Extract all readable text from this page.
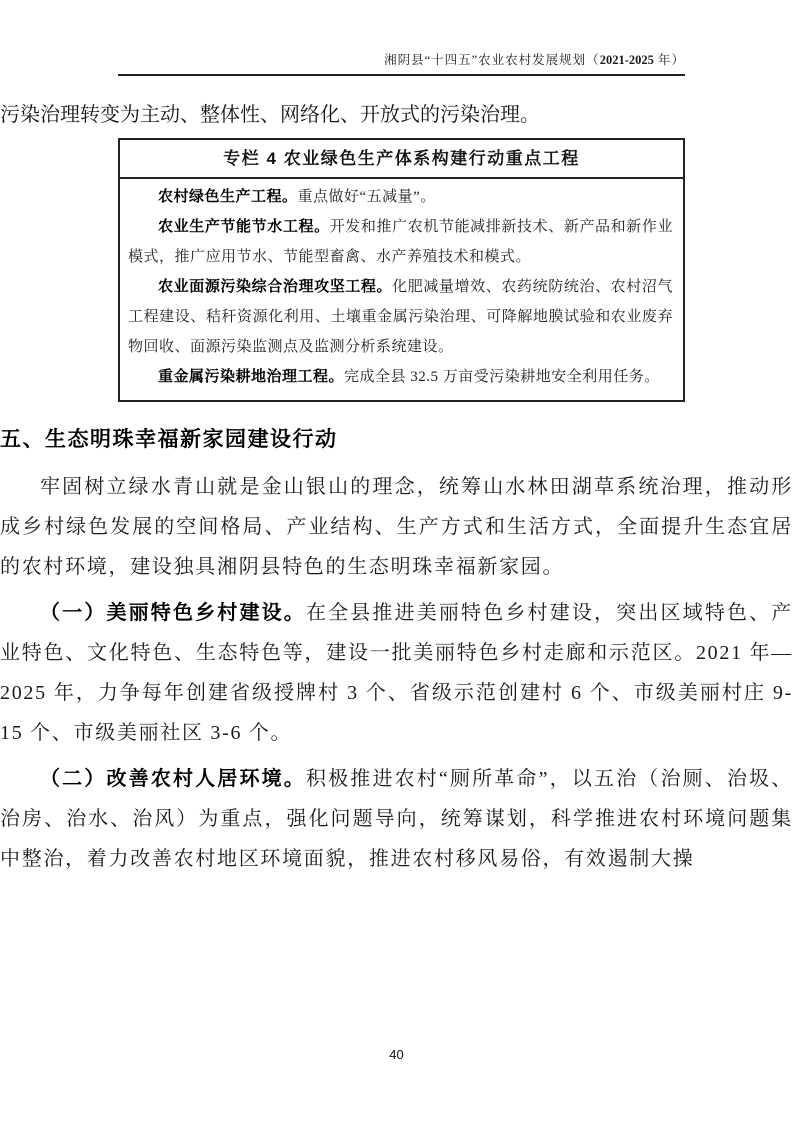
湘阴县“十四五”农业农村发展规划（2021-2025 年）

污染治理转变为主动、整体性、网络化、开放式的污染治理。

专栏 4 农业绿色生产体系构建行动重点工程

农村绿色生产工程。重点做好“五减量”。

农业生产节能节水工程。开发和推广农机节能减排新技术、新产品和新作业模式，推广应用节水、节能型畜禽、水产养殖技术和模式。

农业面源污染综合治理攻坚工程。化肥减量增效、农药统防统治、农村沼气工程建设、秸秆资源化利用、土壤重金属污染治理、可降解地膜试验和农业废弃物回收、面源污染监测点及监测分析系统建设。

重金属污染耕地治理工程。完成全县 32.5 万亩受污染耕地安全利用任务。

五、生态明珠幸福新家园建设行动

牢固树立绿水青山就是金山银山的理念，统筹山水林田湖草系统治理，推动形成乡村绿色发展的空间格局、产业结构、生产方式和生活方式，全面提升生态宜居的农村环境，建设独具湘阴县特色的生态明珠幸福新家园。

（一）美丽特色乡村建设。在全县推进美丽特色乡村建设，突出区域特色、产业特色、文化特色、生态特色等，建设一批美丽特色乡村走廊和示范区。2021 年—2025 年，力争每年创建省级授牌村 3 个、省级示范创建村 6 个、市级美丽村庄 9-15 个、市级美丽社区 3-6 个。

（二）改善农村人居环境。积极推进农村“厕所革命”，以五治（治厕、治圾、治房、治水、治风）为重点，强化问题导向，统筹谋划，科学推进农村环境问题集中整治，着力改善农村地区环境面貌，推进农村移风易俗，有效遏制大操

40
